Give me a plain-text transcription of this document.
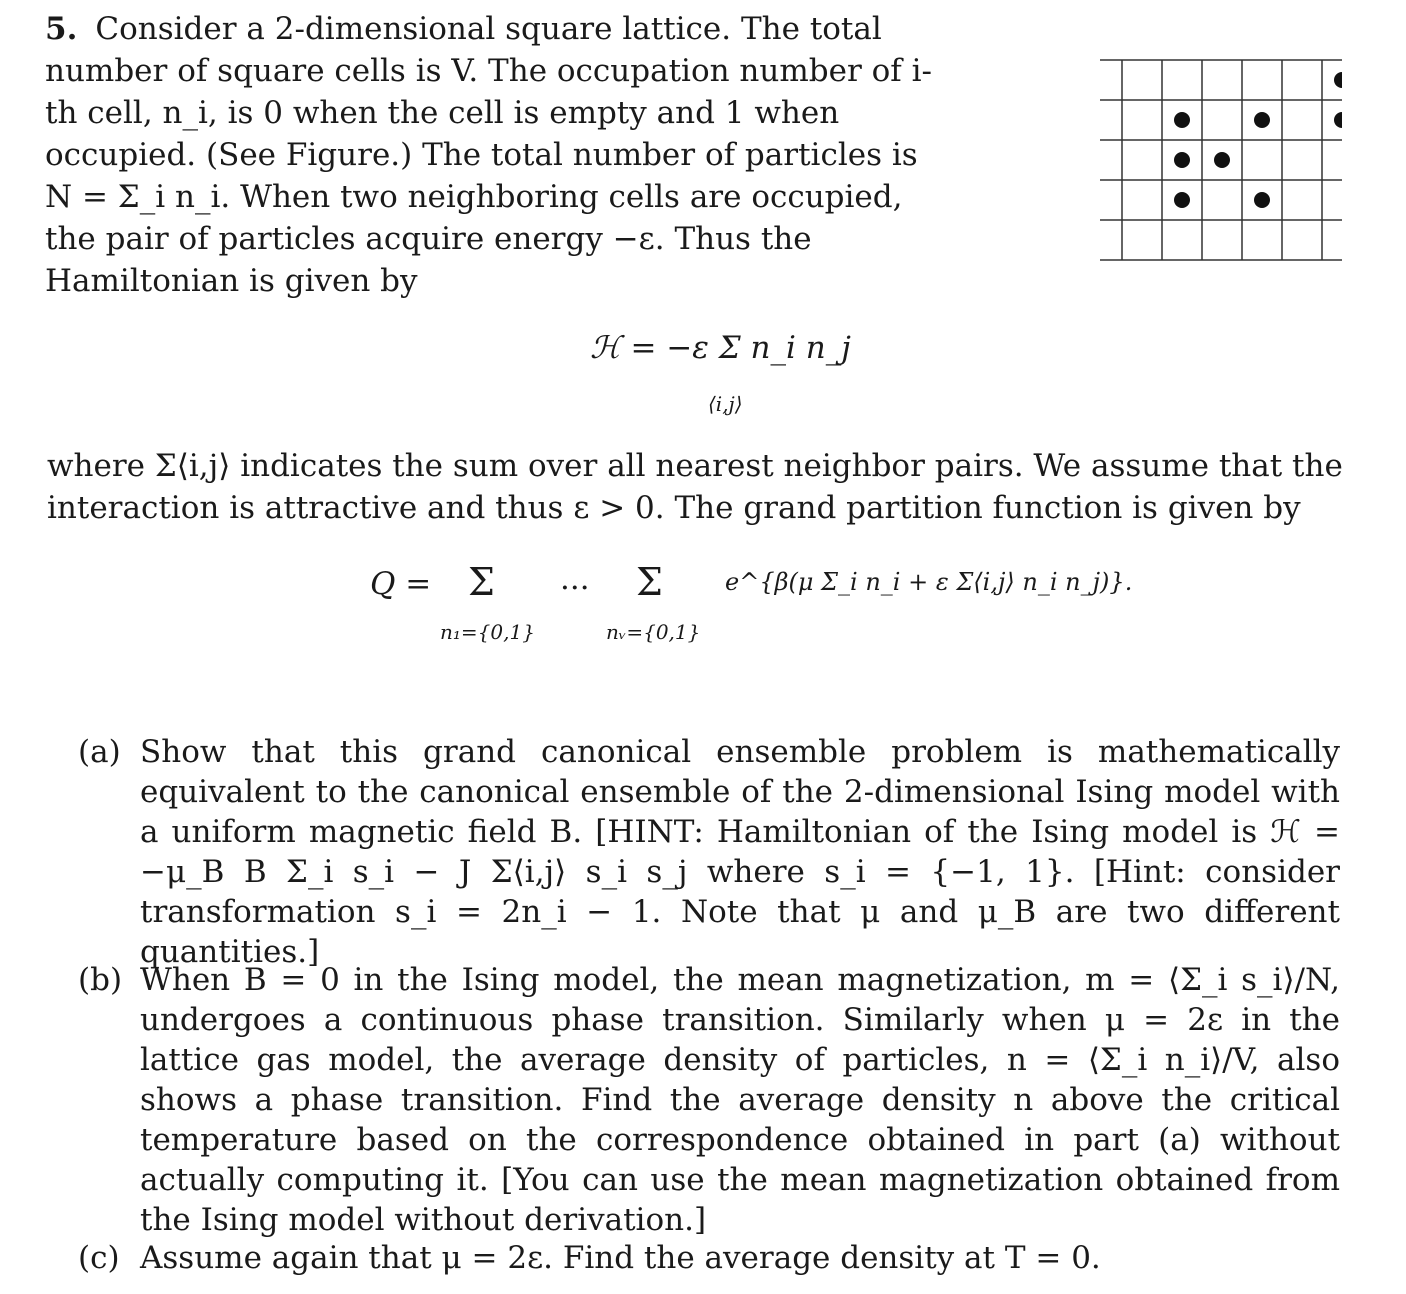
5. Consider a 2-dimensional square lattice. The total number of square cells is V. The occupation number of i-th cell, n_i, is 0 when the cell is empty and 1 when occupied. (See Figure.) The total number of particles is N = Σ_i n_i. When two neighboring cells are occupied, the pair of particles acquire energy −ε. Thus the Hamiltonian is given by
ℋ = −ε Σ n_i n_j
⟨i,j⟩
where Σ⟨i,j⟩ indicates the sum over all nearest neighbor pairs. We assume that the interaction is attractive and thus ε > 0. The grand partition function is given by
Q = Σ
n₁={0,1}
··· Σ
nᵥ={0,1}
e^{β(μ Σ_i n_i + ε Σ⟨i,j⟩ n_i n_j)}.
(a) Show that this grand canonical ensemble problem is mathematically equivalent to the canonical ensemble of the 2-dimensional Ising model with a uniform magnetic field B. [HINT: Hamiltonian of the Ising model is ℋ = −μ_B B Σ_i s_i − J Σ⟨i,j⟩ s_i s_j where s_i = {−1, 1}. [Hint: consider transformation s_i = 2n_i − 1. Note that μ and μ_B are two different quantities.]
(b) When B = 0 in the Ising model, the mean magnetization, m = ⟨Σ_i s_i⟩/N, undergoes a continuous phase transition. Similarly when μ = 2ε in the lattice gas model, the average density of particles, n = ⟨Σ_i n_i⟩/V, also shows a phase transition. Find the average density n above the critical temperature based on the correspondence obtained in part (a) without actually computing it. [You can use the mean magnetization obtained from the Ising model without derivation.]
(c) Assume again that μ = 2ε. Find the average density at T = 0.
